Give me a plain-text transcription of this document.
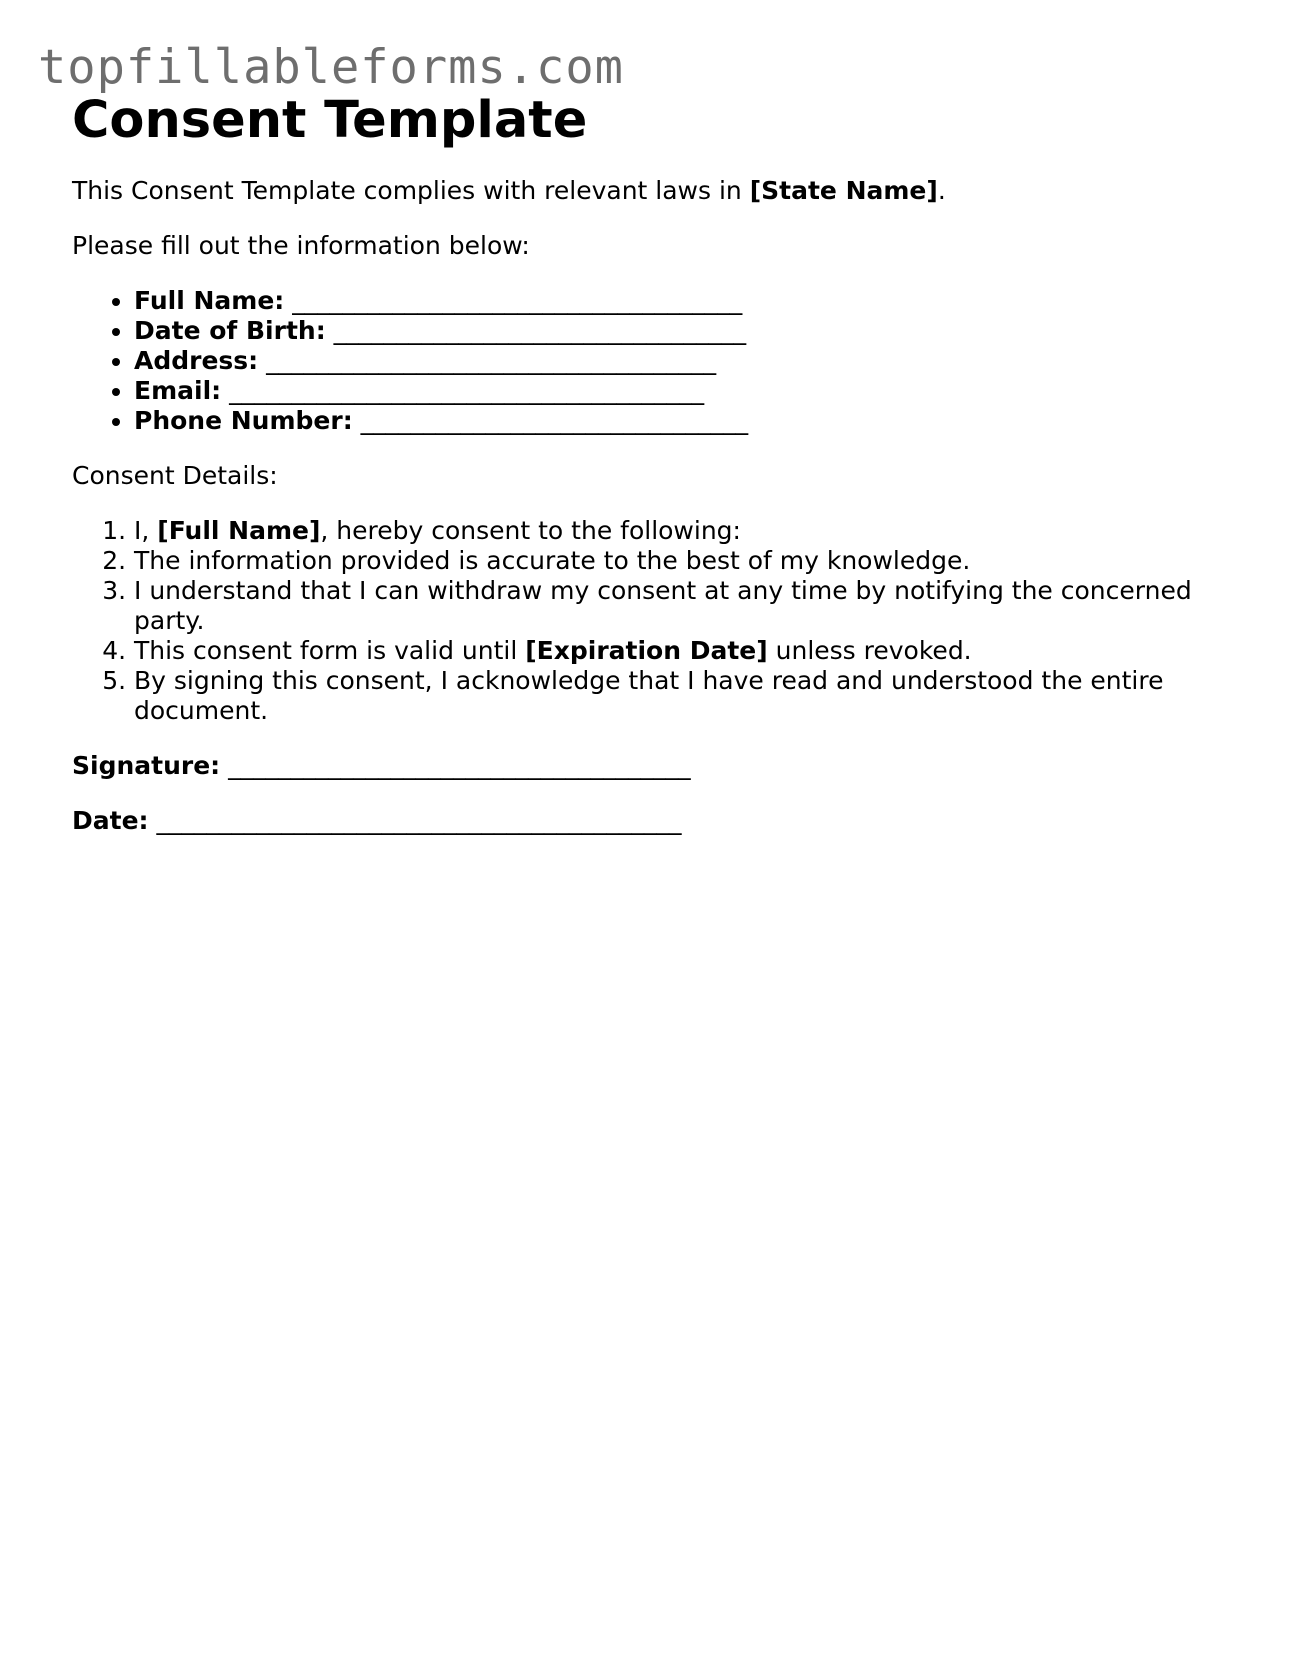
topfillableforms.com
Consent Template

This Consent Template complies with relevant laws in [State Name].

Please fill out the information below:

• Full Name: ____________________________________
• Date of Birth: _________________________________
• Address: ____________________________________
• Email: ______________________________________
• Phone Number: _______________________________

Consent Details:

1. I, [Full Name], hereby consent to the following:
2. The information provided is accurate to the best of my knowledge.
3. I understand that I can withdraw my consent at any time by notifying the concerned party.
4. This consent form is valid until [Expiration Date] unless revoked.
5. By signing this consent, I acknowledge that I have read and understood the entire document.

Signature: _____________________________________

Date: __________________________________________
